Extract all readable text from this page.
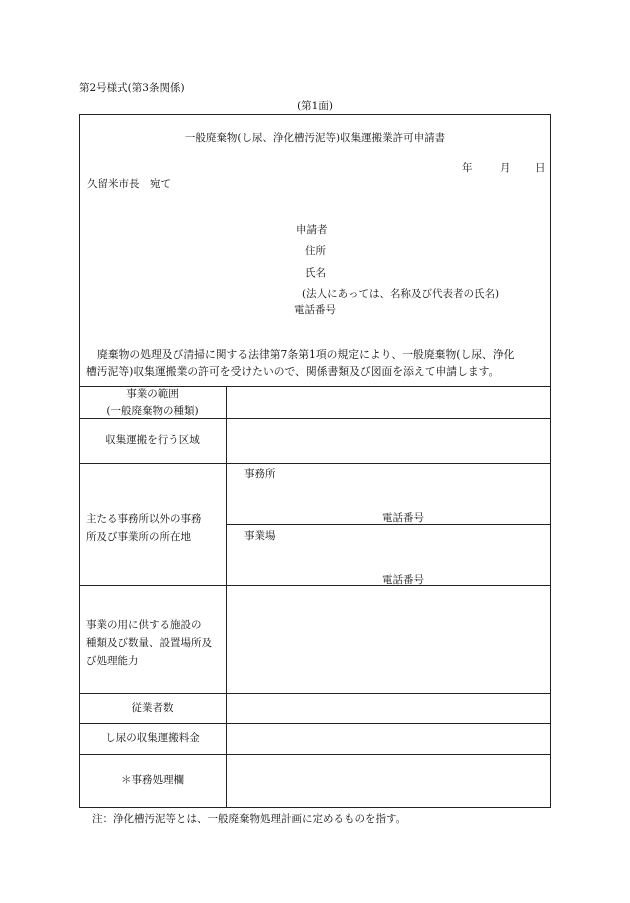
第2号様式(第3条関係)
(第1面)
一般廃棄物(し尿、浄化槽汚泥等)収集運搬業許可申請書
年	月 日
久留米市長　宛て
申請者
住所
氏名
(法人にあっては、名称及び代表者の氏名)
電話番号
廃棄物の処理及び清掃に関する法律第7条第1項の規定により、一般廃棄物(し尿、浄化
槽汚泥等)収集運搬業の許可を受けたいので、関係書類及び図面を添えて申請します。
事業の範囲
(一般廃棄物の種類)
収集運搬を行う区域
主たる事務所以外の事務
所及び事業所の所在地
事務所
電話番号
事業場
電話番号
事業の用に供する施設の
種類及び数量、設置場所及
び処理能力
従業者数
し尿の収集運搬料金
＊事務処理欄
注：浄化槽汚泥等とは、一般廃棄物処理計画に定めるものを指す。
